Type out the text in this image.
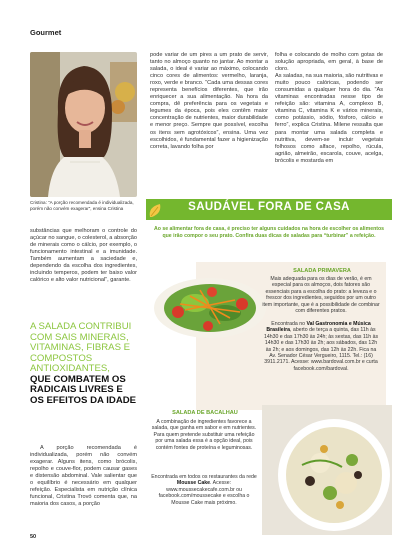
Gourmet
Cristina: “A porção recomendada é individualizada, porém não convém exagerar”, ensina Cristina

substâncias que melhoram o controle do açúcar no sangue, o colesterol, a absorção de minerais como o cálcio, por exemplo, o funcionamento intestinal e a imunidade. Também aumentam a saciedade e, dependendo da escolha dos ingredientes, incluindo temperos, podem ter baixo valor calórico e alto valor nutricional”, garante.

A SALADA CONTRIBUI COM SAIS MINERAIS, VITAMINAS, FIBRAS E COMPOSTOS ANTIOXIDANTES,
QUE COMBATEM OS RADICAIS LIVRES E OS EFEITOS DA IDADE

A porção recomendada é individualizada, porém não convém exagerar. Alguns itens, como brócolis, repolho e couve-flor, podem causar gases e distensão abdominal. Vale salientar que o equilíbrio é necessário em qualquer refeição. Especialista em nutrição clínica funcional, Cristina Trovó comenta que, na maioria dos casos, a porção

pode variar de um pires a um prato de servir, tanto no almoço quanto no jantar. Ao montar a salada, o ideal é variar ao máximo, colocando cinco cores de alimentos: vermelho, laranja, roxo, verde e branco. “Cada uma dessas cores representa benefícios diferentes, que irão enriquecer a sua alimentação. Na hora da compra, dê preferência para os vegetais e legumes da época, pois eles contêm maior concentração de nutrientes, maior durabilidade e menor preço. Sempre que possível, escolha os itens sem agrotóxicos”, ensina. Uma vez escolhidos, é fundamental fazer a higienização correta, lavando folha por

folha e colocando de molho com gotas de solução apropriada, em geral, à base de cloro.
As saladas, na sua maioria, são nutritivas e muito pouco calóricas, podendo ser consumidas a qualquer hora do dia. “As vitaminas encontradas nesse tipo de refeição são: vitamina A, complexo B, vitamina C, vitamina K e vários minerais, como potássio, sódio, fósforo, cálcio e ferro”, explica Cristina. Milene ressalta que para montar uma salada completa e nutritiva, devem-se incluir vegetais folhosos como alface, repolho, rúcula, agrião, almeirão, escarola, couve, acelga, brócolis e mostarda em

SAUDÁVEL FORA DE CASA
Ao se alimentar fora de casa, é preciso ter alguns cuidados na hora de escolher os alimentos que irão compor o seu prato. Confira duas dicas de saladas para “turbinar” a refeição.
SALADA PRIMAVERA
Mais adequada para os dias de verão, é em especial para os almoços, dois fatores são essenciais para a escolha do prato: a leveza e o frescor dos ingredientes, seguidos por um outro item importante, que é a possibilidade de combinar com diferentes pratos.
Encontrada no Val Gastronomia e Música Brasileira, aberto de terça a quinta, das 11h às 14h30 e das 17h30 às 24h; às sextas, das 11h às 14h30 e das 17h30 às 2h; aos sábados, das 12h às 2h; e aos domingos, das 12h às 22h. Fica na Av. Senador César Vergueiro, 1115. Tel.: (16) 3911.2171. Acesse: www.bardoval.com.br e curta facebook.com/bardoval.
SALADA DE BACALHAU
A combinação de ingredientes favorece a salada, que ganha em sabor e em nutrientes. Para quem pretende substituir uma refeição por uma salada essa é a opção ideal, pois contém fontes de proteína e leguminosas.
Encontrada em todos os restaurantes da rede Mousse Cake. Acesse: www.moussecakecafe.com.br ou facebook.com/moussecake e escolha o Mousse Cake mais próximo.
50
